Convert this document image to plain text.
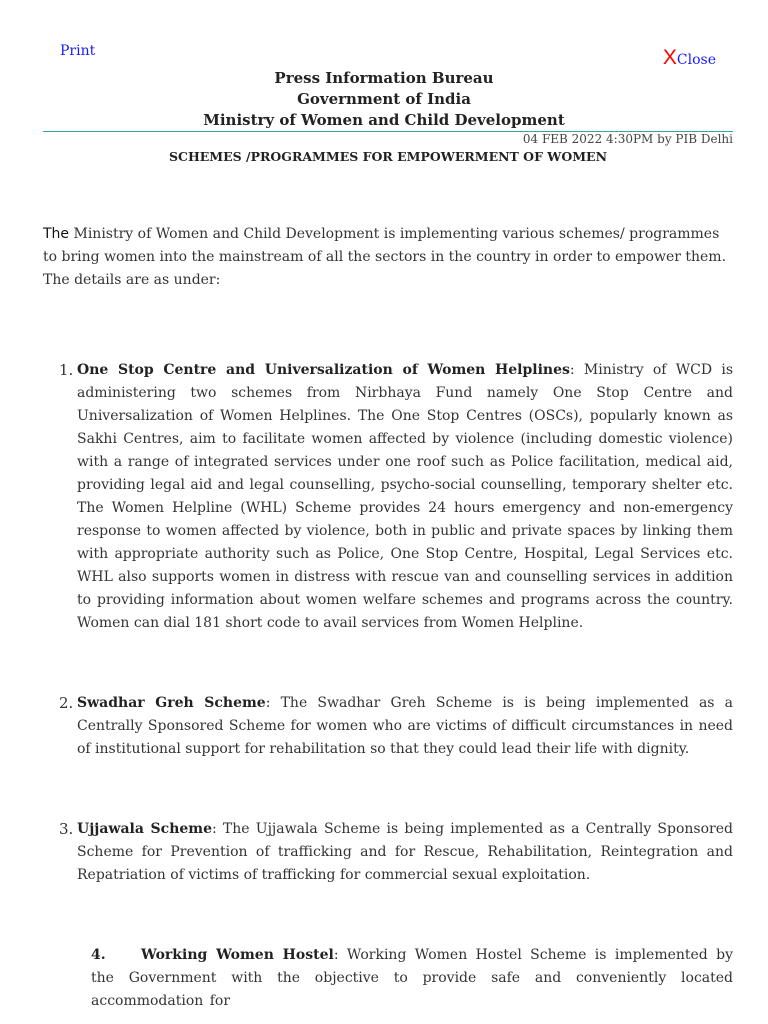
Print	XClose
Press Information Bureau
Government of India
Ministry of Women and Child Development
04 FEB 2022 4:30PM by PIB Delhi
SCHEMES /PROGRAMMES FOR EMPOWERMENT OF WOMEN

The Ministry of Women and Child Development is implementing various schemes/ programmes to bring women into the mainstream of all the sectors in the country in order to empower them. The details are as under:

1. One Stop Centre and Universalization of Women Helplines: Ministry of WCD is administering two schemes from Nirbhaya Fund namely One Stop Centre and Universalization of Women Helplines. The One Stop Centres (OSCs), popularly known as Sakhi Centres, aim to facilitate women affected by violence (including domestic violence) with a range of integrated services under one roof such as Police facilitation, medical aid, providing legal aid and legal counselling, psycho-social counselling, temporary shelter etc. The Women Helpline (WHL) Scheme provides 24 hours emergency and non-emergency response to women affected by violence, both in public and private spaces by linking them with appropriate authority such as Police, One Stop Centre, Hospital, Legal Services etc. WHL also supports women in distress with rescue van and counselling services in addition to providing information about women welfare schemes and programs across the country. Women can dial 181 short code to avail services from Women Helpline.
2. Swadhar Greh Scheme: The Swadhar Greh Scheme is is being implemented as a Centrally Sponsored Scheme for women who are victims of difficult circumstances in need of institutional support for rehabilitation so that they could lead their life with dignity.
3. Ujjawala Scheme: The Ujjawala Scheme is being implemented as a Centrally Sponsored Scheme for Prevention of trafficking and for Rescue, Rehabilitation, Reintegration and Repatriation of victims of trafficking for commercial sexual exploitation.
4.	Working Women Hostel: Working Women Hostel Scheme is implemented by the Government with the objective to provide safe and conveniently located accommodation for
